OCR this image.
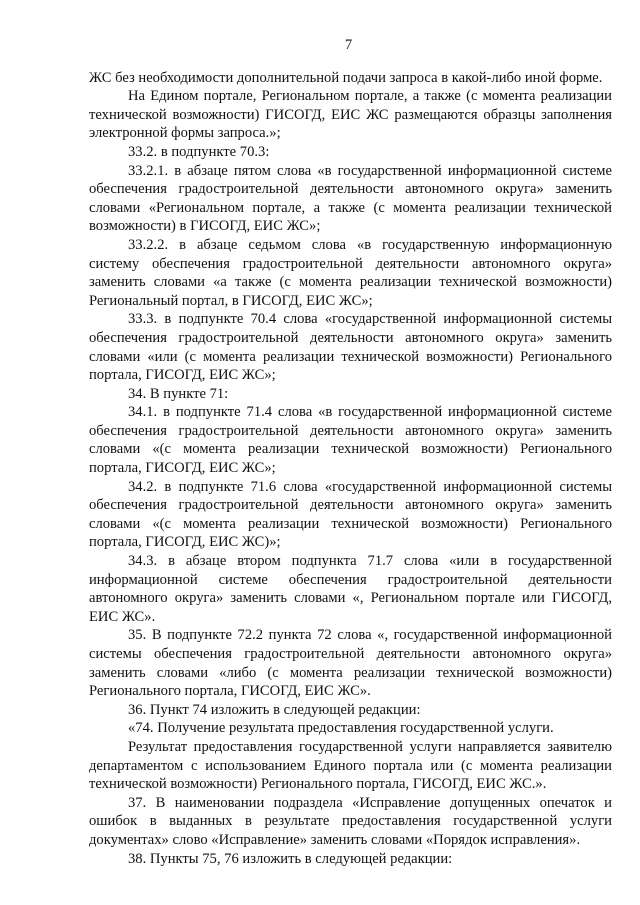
7

ЖС без необходимости дополнительной подачи запроса в какой-либо иной форме.

На Едином портале, Региональном портале, а также (с момента реализации технической возможности) ГИСОГД, ЕИС ЖС размещаются образцы заполнения электронной формы запроса.»;

33.2. в подпункте 70.3:

33.2.1. в абзаце пятом слова «в государственной информационной системе обеспечения градостроительной деятельности автономного округа» заменить словами «Региональном портале, а также (с момента реализации технической возможности) в ГИСОГД, ЕИС ЖС»;

33.2.2. в абзаце седьмом слова «в государственную информационную систему обеспечения градостроительной деятельности автономного округа» заменить словами «а также (с момента реализации технической возможности) Региональный портал, в ГИСОГД, ЕИС ЖС»;

33.3. в подпункте 70.4 слова «государственной информационной системы обеспечения градостроительной деятельности автономного округа» заменить словами «или (с момента реализации технической возможности) Регионального портала, ГИСОГД, ЕИС ЖС»;

34. В пункте 71:

34.1. в подпункте 71.4 слова «в государственной информационной системе обеспечения градостроительной деятельности автономного округа» заменить словами «(с момента реализации технической возможности) Регионального портала, ГИСОГД, ЕИС ЖС»;

34.2. в подпункте 71.6 слова «государственной информационной системы обеспечения градостроительной деятельности автономного округа» заменить словами «(с момента реализации технической возможности) Регионального портала, ГИСОГД, ЕИС ЖС)»;

34.3. в абзаце втором подпункта 71.7 слова «или в государственной информационной системе обеспечения градостроительной деятельности автономного округа» заменить словами «, Региональном портале или ГИСОГД, ЕИС ЖС».

35. В подпункте 72.2 пункта 72 слова «, государственной информационной системы обеспечения градостроительной деятельности автономного округа» заменить словами «либо (с момента реализации технической возможности) Регионального портала, ГИСОГД, ЕИС ЖС».

36. Пункт 74 изложить в следующей редакции:

«74. Получение результата предоставления государственной услуги.

Результат предоставления государственной услуги направляется заявителю департаментом с использованием Единого портала или (с момента реализации технической возможности) Регионального портала, ГИСОГД, ЕИС ЖС.».

37. В наименовании подраздела «Исправление допущенных опечаток и ошибок в выданных в результате предоставления государственной услуги документах» слово «Исправление» заменить словами «Порядок исправления».

38. Пункты 75, 76 изложить в следующей редакции:
